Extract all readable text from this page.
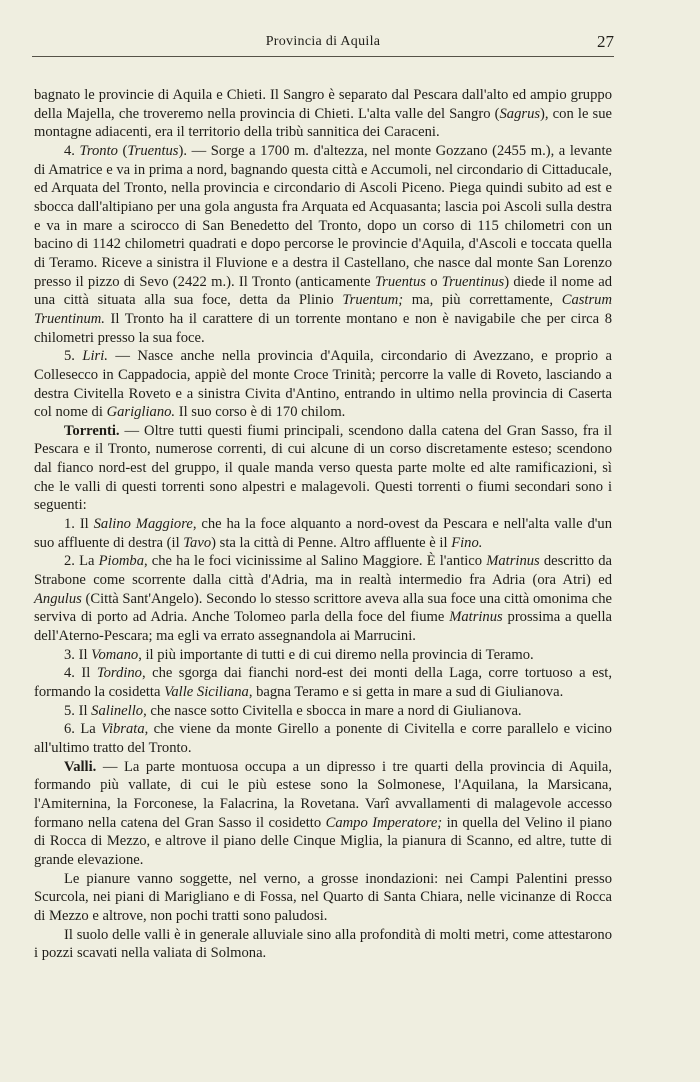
Provincia di Aquila	27

bagnato le provincie di Aquila e Chieti. Il Sangro è separato dal Pescara dall'alto ed ampio gruppo della Majella, che troveremo nella provincia di Chieti. L'alta valle del Sangro (Sagrus), con le sue montagne adiacenti, era il territorio della tribù sannitica dei Caraceni.

4. Tronto (Truentus). — Sorge a 1700 m. d'altezza, nel monte Gozzano (2455 m.), a levante di Amatrice e va in prima a nord, bagnando questa città e Accumoli, nel circondario di Cittaducale, ed Arquata del Tronto, nella provincia e circondario di Ascoli Piceno. Piega quindi subito ad est e sbocca dall'altipiano per una gola angusta fra Arquata ed Acquasanta; lascia poi Ascoli sulla destra e va in mare a scirocco di San Benedetto del Tronto, dopo un corso di 115 chilometri con un bacino di 1142 chilometri quadrati e dopo percorse le provincie d'Aquila, d'Ascoli e toccata quella di Teramo. Riceve a sinistra il Fluvione e a destra il Castellano, che nasce dal monte San Lorenzo presso il pizzo di Sevo (2422 m.). Il Tronto (anticamente Truentus o Truentinus) diede il nome ad una città situata alla sua foce, detta da Plinio Truentum; ma, più correttamente, Castrum Truentinum. Il Tronto ha il carattere di un torrente montano e non è navigabile che per circa 8 chilometri presso la sua foce.

5. Liri. — Nasce anche nella provincia d'Aquila, circondario di Avezzano, e proprio a Collesecco in Cappadocia, appiè del monte Croce Trinità; percorre la valle di Roveto, lasciando a destra Civitella Roveto e a sinistra Civita d'Antino, entrando in ultimo nella provincia di Caserta col nome di Garigliano. Il suo corso è di 170 chilom.

Torrenti. — Oltre tutti questi fiumi principali, scendono dalla catena del Gran Sasso, fra il Pescara e il Tronto, numerose correnti, di cui alcune di un corso discretamente esteso; scendono dal fianco nord-est del gruppo, il quale manda verso questa parte molte ed alte ramificazioni, sì che le valli di questi torrenti sono alpestri e malagevoli. Questi torrenti o fiumi secondari sono i seguenti:

1. Il Salino Maggiore, che ha la foce alquanto a nord-ovest da Pescara e nell'alta valle d'un suo affluente di destra (il Tavo) sta la città di Penne. Altro affluente è il Fino.

2. La Piomba, che ha le foci vicinissime al Salino Maggiore. È l'antico Matrinus descritto da Strabone come scorrente dalla città d'Adria, ma in realtà intermedio fra Adria (ora Atri) ed Angulus (Città Sant'Angelo). Secondo lo stesso scrittore aveva alla sua foce una città omonima che serviva di porto ad Adria. Anche Tolomeo parla della foce del fiume Matrinus prossima a quella dell'Aterno-Pescara; ma egli va errato assegnandola ai Marrucini.

3. Il Vomano, il più importante di tutti e di cui diremo nella provincia di Teramo.

4. Il Tordino, che sgorga dai fianchi nord-est dei monti della Laga, corre tortuoso a est, formando la cosidetta Valle Siciliana, bagna Teramo e si getta in mare a sud di Giulianova.

5. Il Salinello, che nasce sotto Civitella e sbocca in mare a nord di Giulianova.

6. La Vibrata, che viene da monte Girello a ponente di Civitella e corre parallelo e vicino all'ultimo tratto del Tronto.

Valli. — La parte montuosa occupa a un dipresso i tre quarti della provincia di Aquila, formando più vallate, di cui le più estese sono la Solmonese, l'Aquilana, la Marsicana, l'Amiternina, la Forconese, la Falacrina, la Rovetana. Varî avvallamenti di malagevole accesso formano nella catena del Gran Sasso il cosidetto Campo Imperatore; in quella del Velino il piano di Rocca di Mezzo, e altrove il piano delle Cinque Miglia, la pianura di Scanno, ed altre, tutte di grande elevazione.

Le pianure vanno soggette, nel verno, a grosse inondazioni: nei Campi Palentini presso Scurcola, nei piani di Marigliano e di Fossa, nel Quarto di Santa Chiara, nelle vicinanze di Rocca di Mezzo e altrove, non pochi tratti sono paludosi.

Il suolo delle valli è in generale alluviale sino alla profondità di molti metri, come attestarono i pozzi scavati nella valiata di Solmona.
